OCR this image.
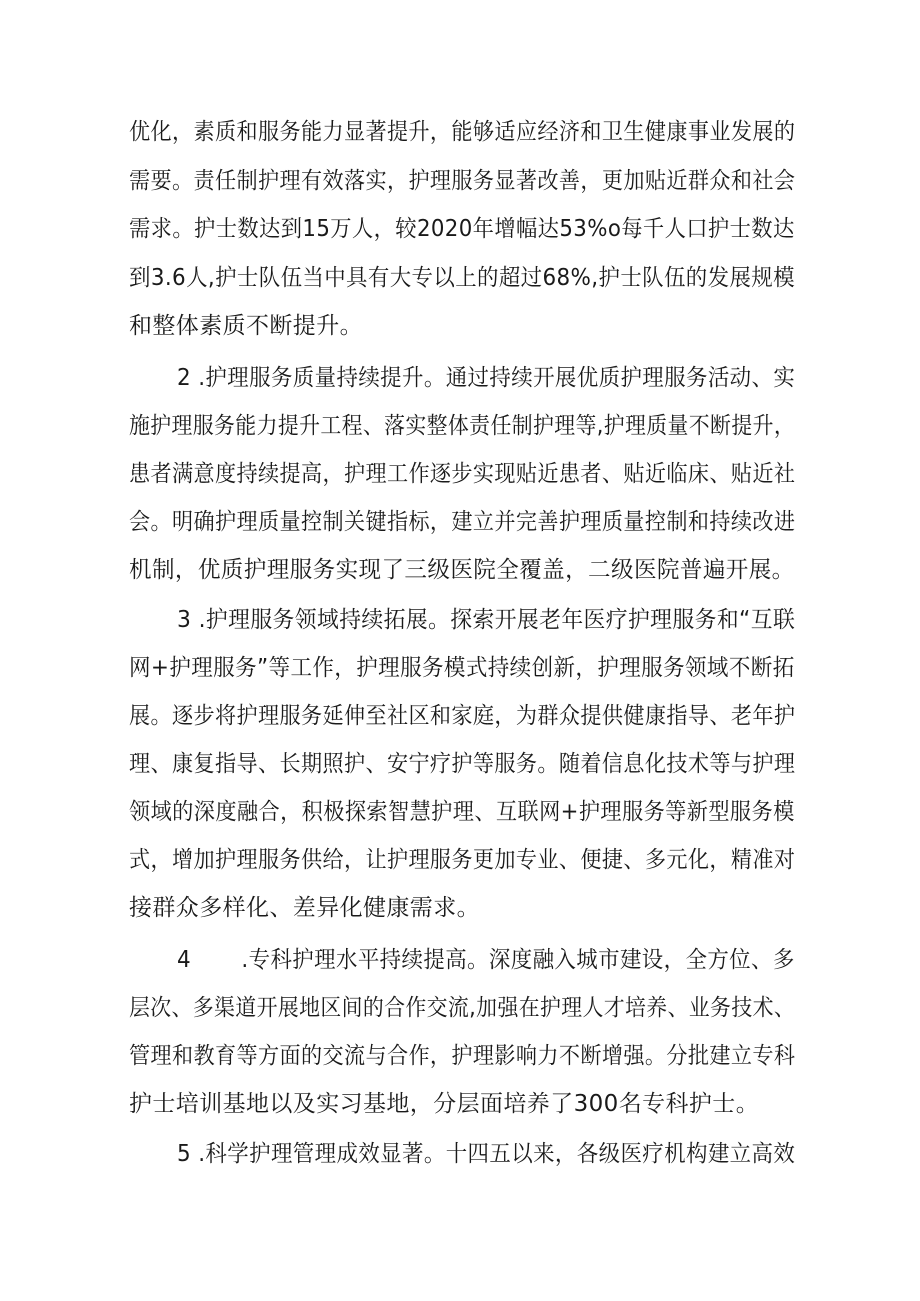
优化，素质和服务能力显著提升，能够适应经济和卫生健康事业发展的
需要。责任制护理有效落实，护理服务显著改善，更加贴近群众和社会
需求。护士数达到15万人，较2020年增幅达53%o每千人口护士数达
到3.6人,护士队伍当中具有大专以上的超过68%,护士队伍的发展规模
和整体素质不断提升。
2 .护理服务质量持续提升。通过持续开展优质护理服务活动、实
施护理服务能力提升工程、落实整体责任制护理等,护理质量不断提升，
患者满意度持续提高，护理工作逐步实现贴近患者、贴近临床、贴近社
会。明确护理质量控制关键指标，建立并完善护理质量控制和持续改进
机制，优质护理服务实现了三级医院全覆盖，二级医院普遍开展。
3 .护理服务领域持续拓展。探索开展老年医疗护理服务和“互联
网+护理服务”等工作，护理服务模式持续创新，护理服务领域不断拓
展。逐步将护理服务延伸至社区和家庭，为群众提供健康指导、老年护
理、康复指导、长期照护、安宁疗护等服务。随着信息化技术等与护理
领域的深度融合，积极探索智慧护理、互联网+护理服务等新型服务模
式，增加护理服务供给，让护理服务更加专业、便捷、多元化，精准对
接群众多样化、差异化健康需求。
4       .专科护理水平持续提高。深度融入城市建设，全方位、多
层次、多渠道开展地区间的合作交流,加强在护理人才培养、业务技术、
管理和教育等方面的交流与合作，护理影响力不断增强。分批建立专科
护士培训基地以及实习基地，分层面培养了300名专科护士。
5 .科学护理管理成效显著。十四五以来，各级医疗机构建立高效
